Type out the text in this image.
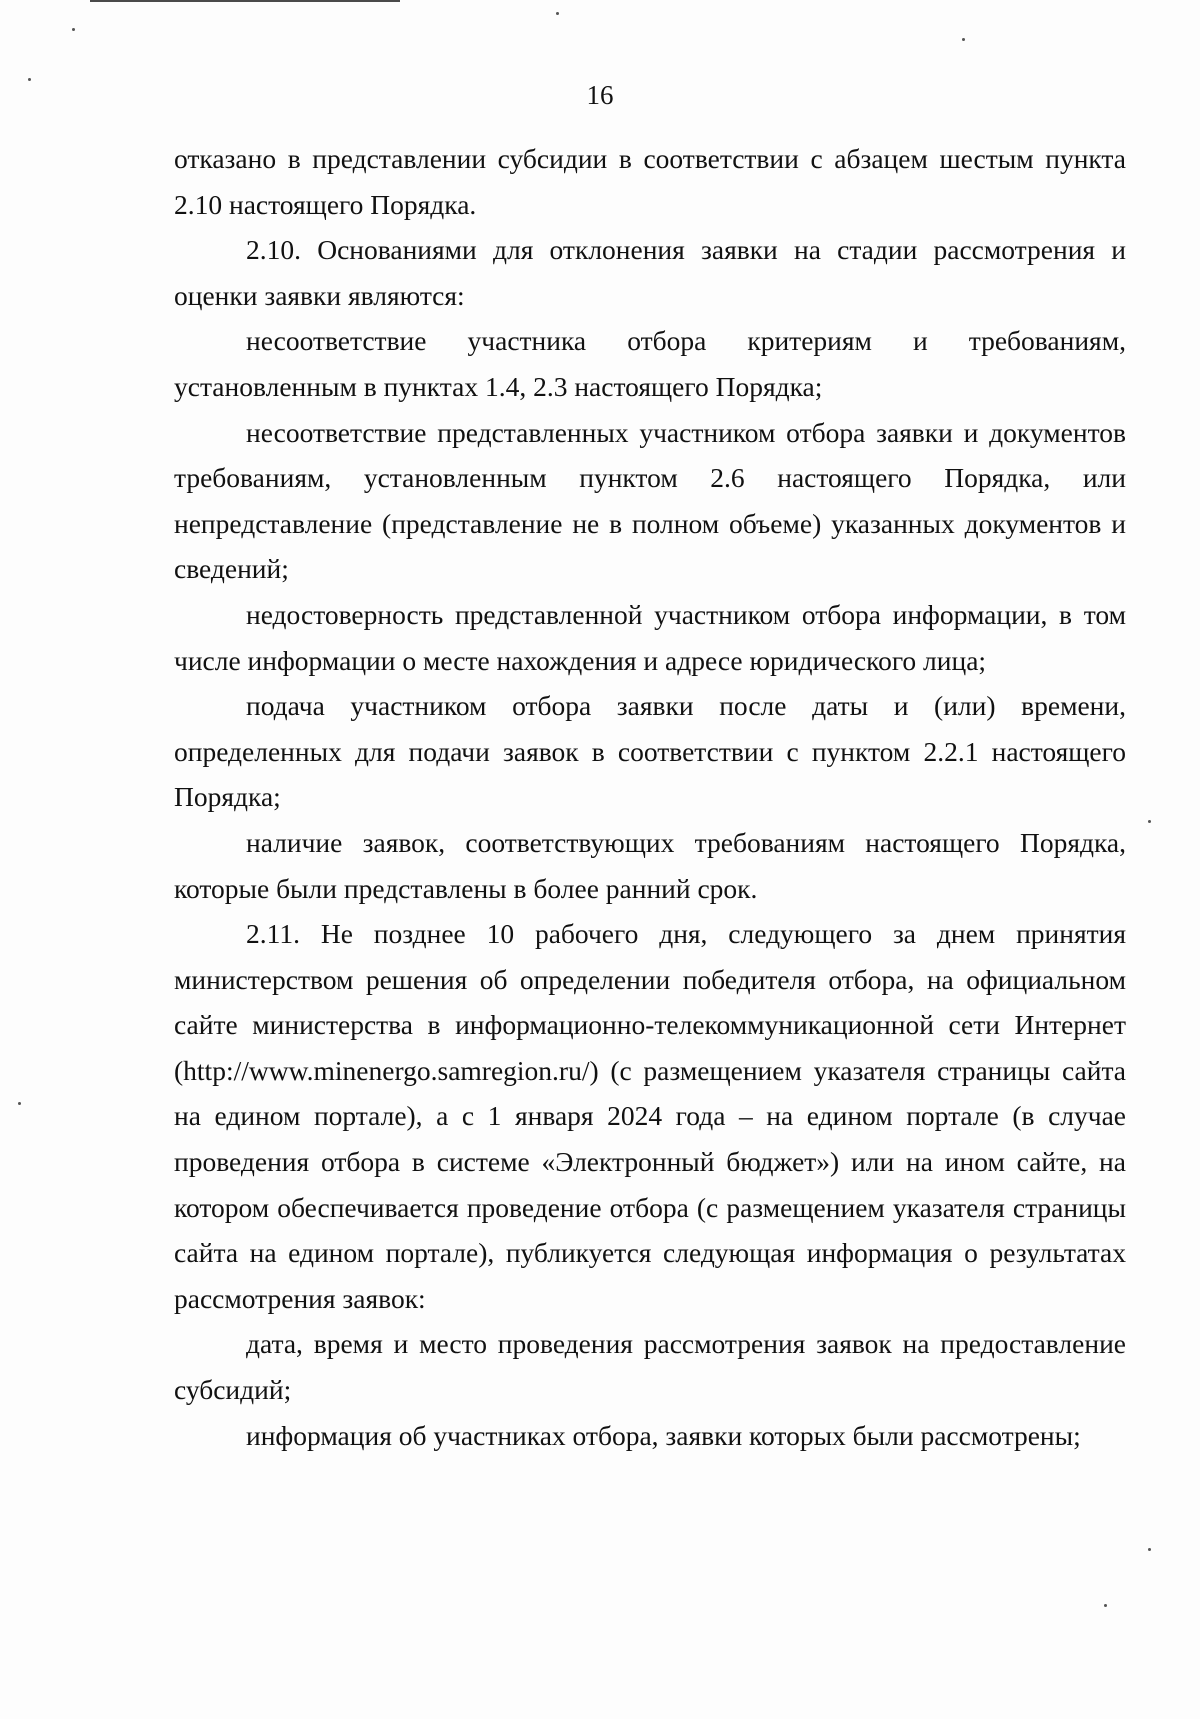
16

отказано в представлении субсидии в соответствии с абзацем шестым пункта 2.10 настоящего Порядка.

2.10. Основаниями для отклонения заявки на стадии рассмотрения и оценки заявки являются:

несоответствие участника отбора критериям и требованиям, установленным в пунктах 1.4, 2.3 настоящего Порядка;

несоответствие представленных участником отбора заявки и документов требованиям, установленным пунктом 2.6 настоящего Порядка, или непредставление (представление не в полном объеме) указанных документов и сведений;

недостоверность представленной участником отбора информации, в том числе информации о месте нахождения и адресе юридического лица;

подача участником отбора заявки после даты и (или) времени, определенных для подачи заявок в соответствии с пунктом 2.2.1 настоящего Порядка;

наличие заявок, соответствующих требованиям настоящего Порядка, которые были представлены в более ранний срок.

2.11. Не позднее 10 рабочего дня, следующего за днем принятия министерством решения об определении победителя отбора, на официальном сайте министерства в информационно-телекоммуникационной сети Интернет (http://www.minenergo.samregion.ru/) (с размещением указателя страницы сайта на едином портале), а с 1 января 2024 года – на едином портале (в случае проведения отбора в системе «Электронный бюджет») или на ином сайте, на котором обеспечивается проведение отбора (с размещением указателя страницы сайта на едином портале), публикуется следующая информация о результатах рассмотрения заявок:

дата, время и место проведения рассмотрения заявок на предоставление субсидий;

информация об участниках отбора, заявки которых были рассмотрены;
